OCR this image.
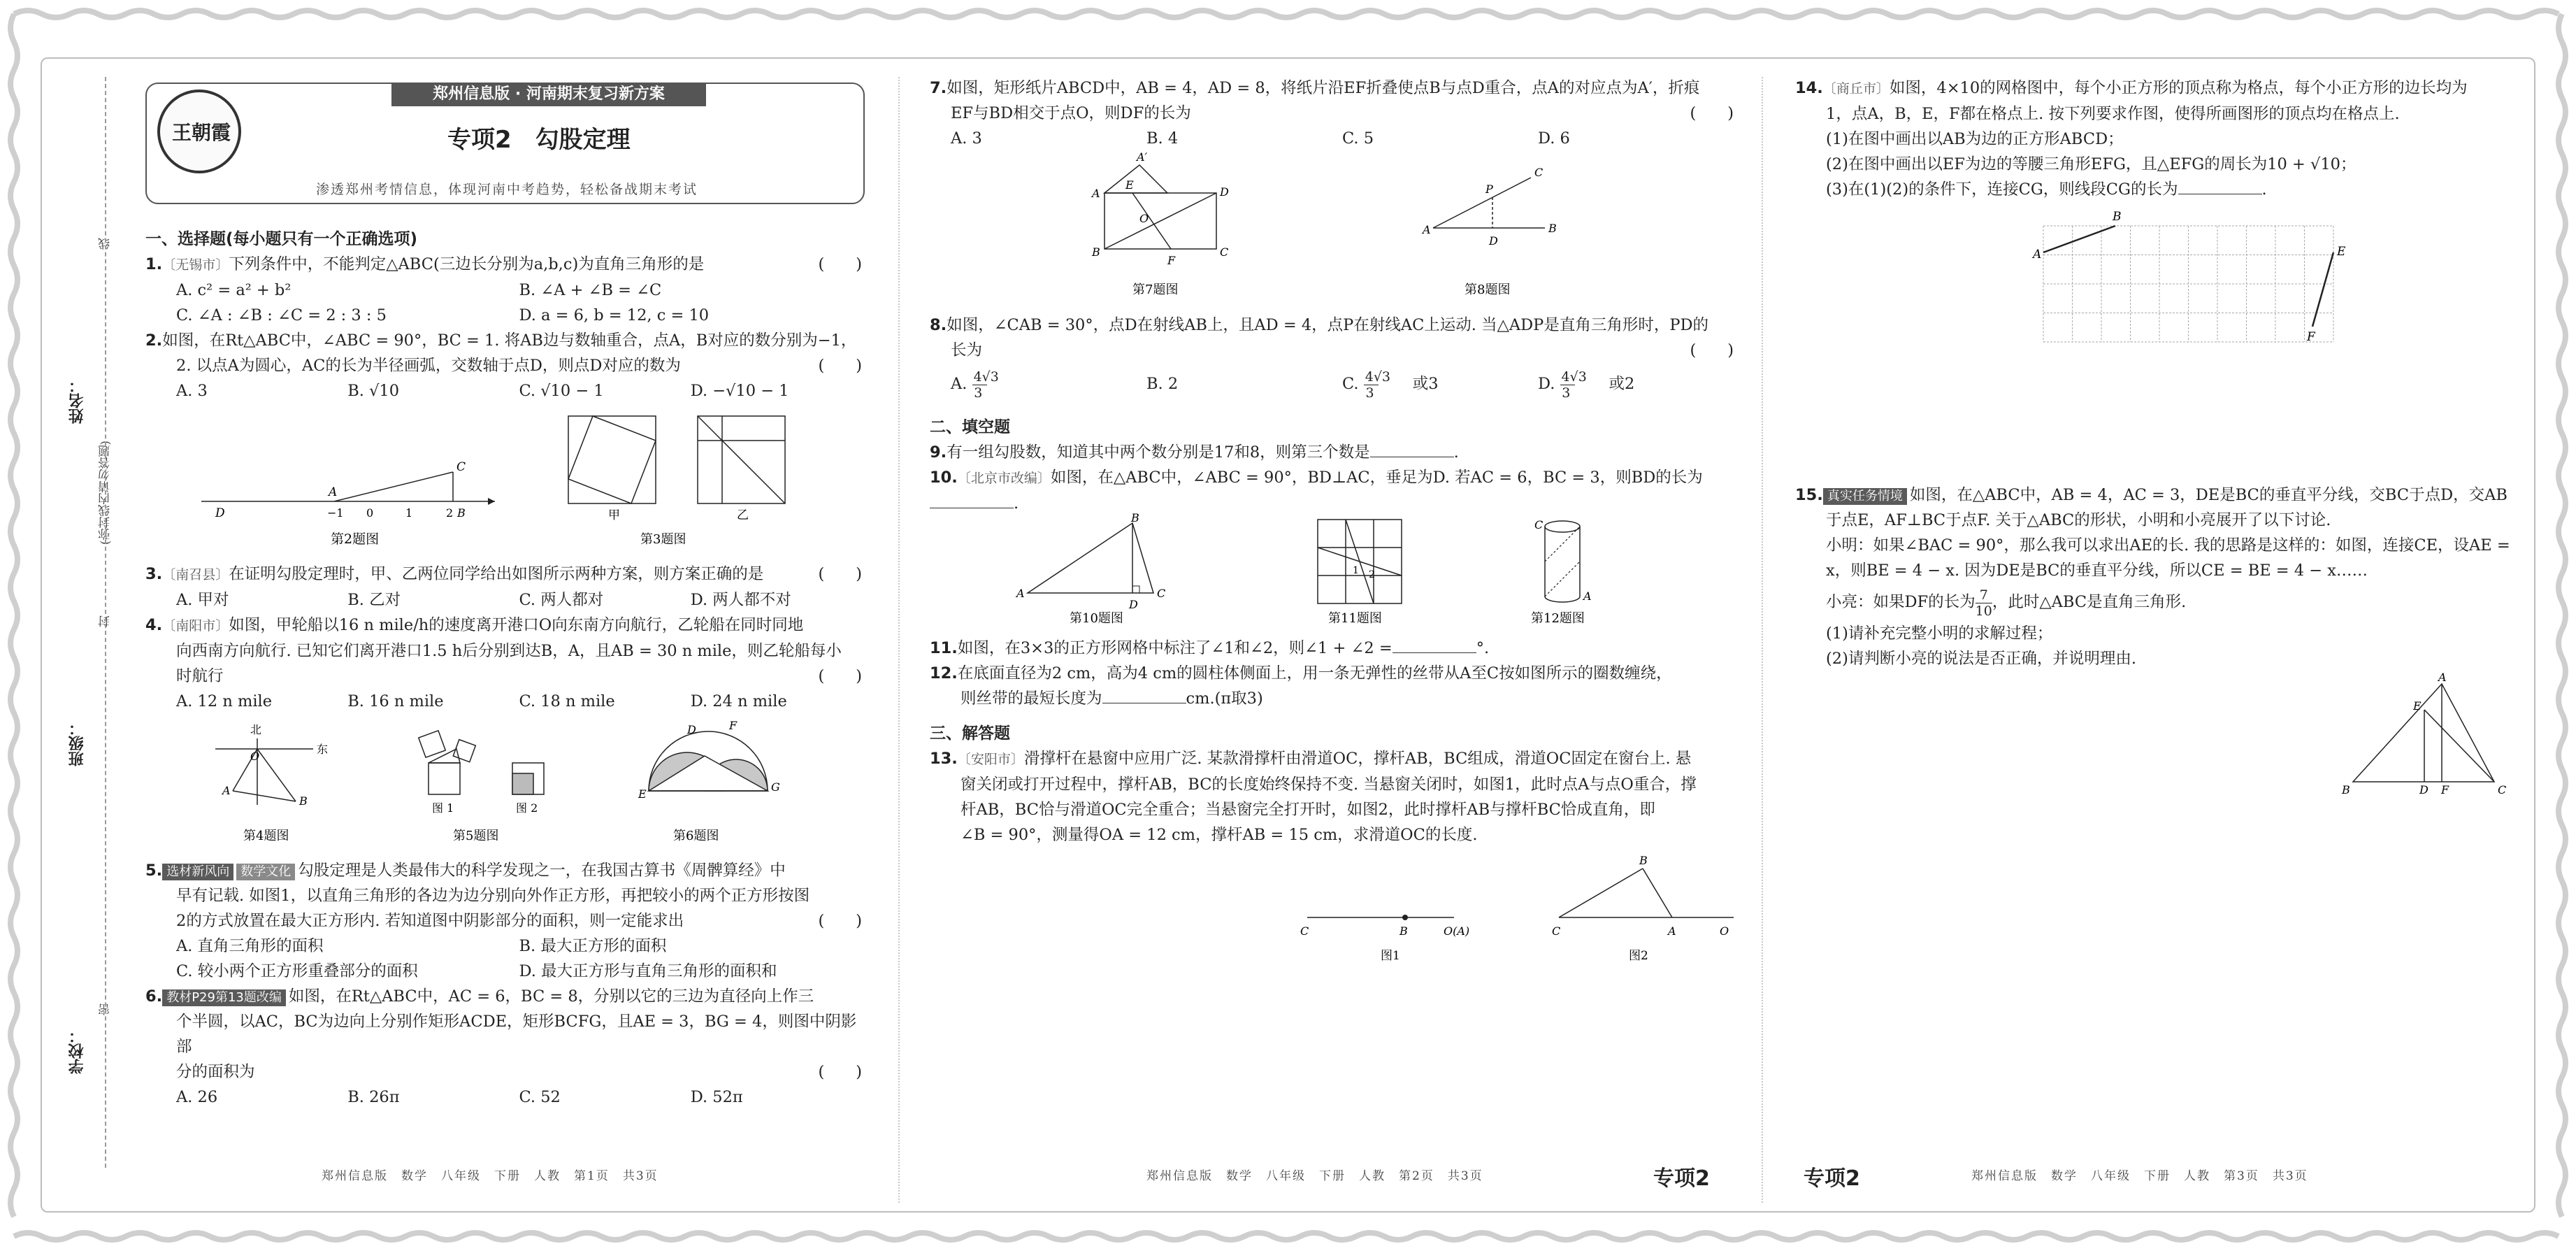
姓名：
班级：
学校：
(弥封线内请勿答题)
线
封
密
郑州信息版 · 河南期末复习新方案
王朝霞	专项2　勾股定理
渗透郑州考情信息，体现河南中考趋势，轻松备战期末考试
一、选择题(每小题只有一个正确选项)
1.〔无锡市〕下列条件中，不能判定△ABC(三边长分别为a,b,c)为直角三角形的是	(　　)
A. c² = a² + b²	B. ∠A + ∠B = ∠C
C. ∠A : ∠B : ∠C = 2 : 3 : 5	D. a = 6, b = 12, c = 10
2.如图，在Rt△ABC中，∠ABC = 90°，BC = 1. 将AB边与数轴重合，点A，B对应的数分别为−1，
2. 以点A为圆心，AC的长为半径画弧，交数轴于点D，则点D对应的数为	(　　)
A. 3	B. √10	C. √10 − 1	D. −√10 − 1
D
A
C
−1 0	1	2 B
第2题图
甲	乙
第3题图
3.〔南召县〕在证明勾股定理时，甲、乙两位同学给出如图所示两种方案，则方案正确的是	(　　)
A. 甲对	B. 乙对	C. 两人都对	D. 两人都不对
4.〔南阳市〕如图，甲轮船以16 n mile/h的速度离开港口O向东南方向航行，乙轮船在同时同地
向西南方向航行. 已知它们离开港口1.5 h后分别到达B，A，且AB = 30 n mile，则乙轮船每小
时航行	(　　)
A. 12 n mile	B. 16 n mile	C. 18 n mile	D. 24 n mile
北
东
O
A
B
第4题图
图 1	图 2
第5题图
E
G
D	F
第6题图
5. 选材新风向 数学文化 勾股定理是人类最伟大的科学发现之一，在我国古算书《周髀算经》中
早有记载. 如图1，以直角三角形的各边为边分别向外作正方形，再把较小的两个正方形按图
2的方式放置在最大正方形内. 若知道图中阴影部分的面积，则一定能求出	(　　)
A. 直角三角形的面积	B. 最大正方形的面积
C. 较小两个正方形重叠部分的面积	D. 最大正方形与直角三角形的面积和
6. 教材P29第13题改编 如图，在Rt△ABC中，AC = 6，BC = 8，分别以它的三边为直径向上作三
个半圆，以AC，BC为边向上分别作矩形ACDE，矩形BCFG，且AE = 3，BG = 4，则图中阴影部
分的面积为	(　　)
A. 26	B. 26π	C. 52	D. 52π
7.如图，矩形纸片ABCD中，AB = 4，AD = 8，将纸片沿EF折叠使点B与点D重合，点A的对应点为A′，折痕
EF与BD相交于点O，则DF的长为	(　　)
A. 3	B. 4	C. 5	D. 6
A
A′
E
D
O
B
F
C
第7题图
A	B
C
P
D
第8题图
8.如图，∠CAB = 30°，点D在射线AB上，且AD = 4，点P在射线AC上运动. 当△ADP是直角三角形时，PD的
长为	(　　)
A. $\frac{4√3}{3}$	B. 2	C. $\frac{4√3}{3}$ 或3	D. $\frac{4√3}{3}$ 或2
二、填空题
9.有一组勾股数，知道其中两个数分别是17和8，则第三个数是	.
10.〔北京市改编〕如图，在△ABC中，∠ABC = 90°，BD⊥AC，垂足为D. 若AC = 6，BC = 3，则BD的长为.
A
B
C
D
第10题图
1 2
第11题图
C
A
第12题图
11.如图，在3×3的正方形网格中标注了∠1和∠2，则∠1 + ∠2 =	°.
12.在底面直径为2 cm，高为4 cm的圆柱体侧面上，用一条无弹性的丝带从A至C按如图所示的圈数缠绕，
则丝带的最短长度为	cm.(π取3)
三、解答题
13.〔安阳市〕滑撑杆在悬窗中应用广泛. 某款滑撑杆由滑道OC，撑杆AB，BC组成，滑道OC固定在窗台上. 悬
窗关闭或打开过程中，撑杆AB，BC的长度始终保持不变. 当悬窗关闭时，如图1，此时点A与点O重合，撑
杆AB，BC恰与滑道OC完全重合；当悬窗完全打开时，如图2，此时撑杆AB与撑杆BC恰成直角，即
∠B = 90°，测量得OA = 12 cm，撑杆AB = 15 cm，求滑道OC的长度.
C	B	O(A)
图1
C
B
A	O
图2
14.〔商丘市〕如图，4×10的网格图中，每个小正方形的顶点称为格点，每个小正方形的边长均为
1，点A，B，E，F都在格点上. 按下列要求作图，使得所画图形的顶点均在格点上.
(1)在图中画出以AB为边的正方形ABCD；
(2)在图中画出以EF为边的等腰三角形EFG，且△EFG的周长为10 + √10；
(3)在(1)(2)的条件下，连接CG，则线段CG的长为	.
A
B
E
F
15. 真实任务情境 如图，在△ABC中，AB = 4，AC = 3，DE是BC的垂直平分线，交BC于点D，交AB
于点E，AF⊥BC于点F. 关于△ABC的形状，小明和小亮展开了以下讨论.
小明：如果∠BAC = 90°，那么我可以求出AE的长. 我的思路是这样的：如图，连接CE，设AE =
x，则BE = 4 − x. 因为DE是BC的垂直平分线，所以CE = BE = 4 − x……
小亮：如果DF的长为 $\frac{7}{10}$ ，此时△ABC是直角三角形.
(1)请补充完整小明的求解过程；
(2)请判断小亮的说法是否正确，并说明理由.
B
A
C
E
D F
郑州信息版　数学　八年级　下册　人教　第1页　共3页	郑州信息版　数学　八年级　下册　人教　第2页　共3页	专项2	专项2	郑州信息版　数学　八年级　下册　人教　第3页　共3页
